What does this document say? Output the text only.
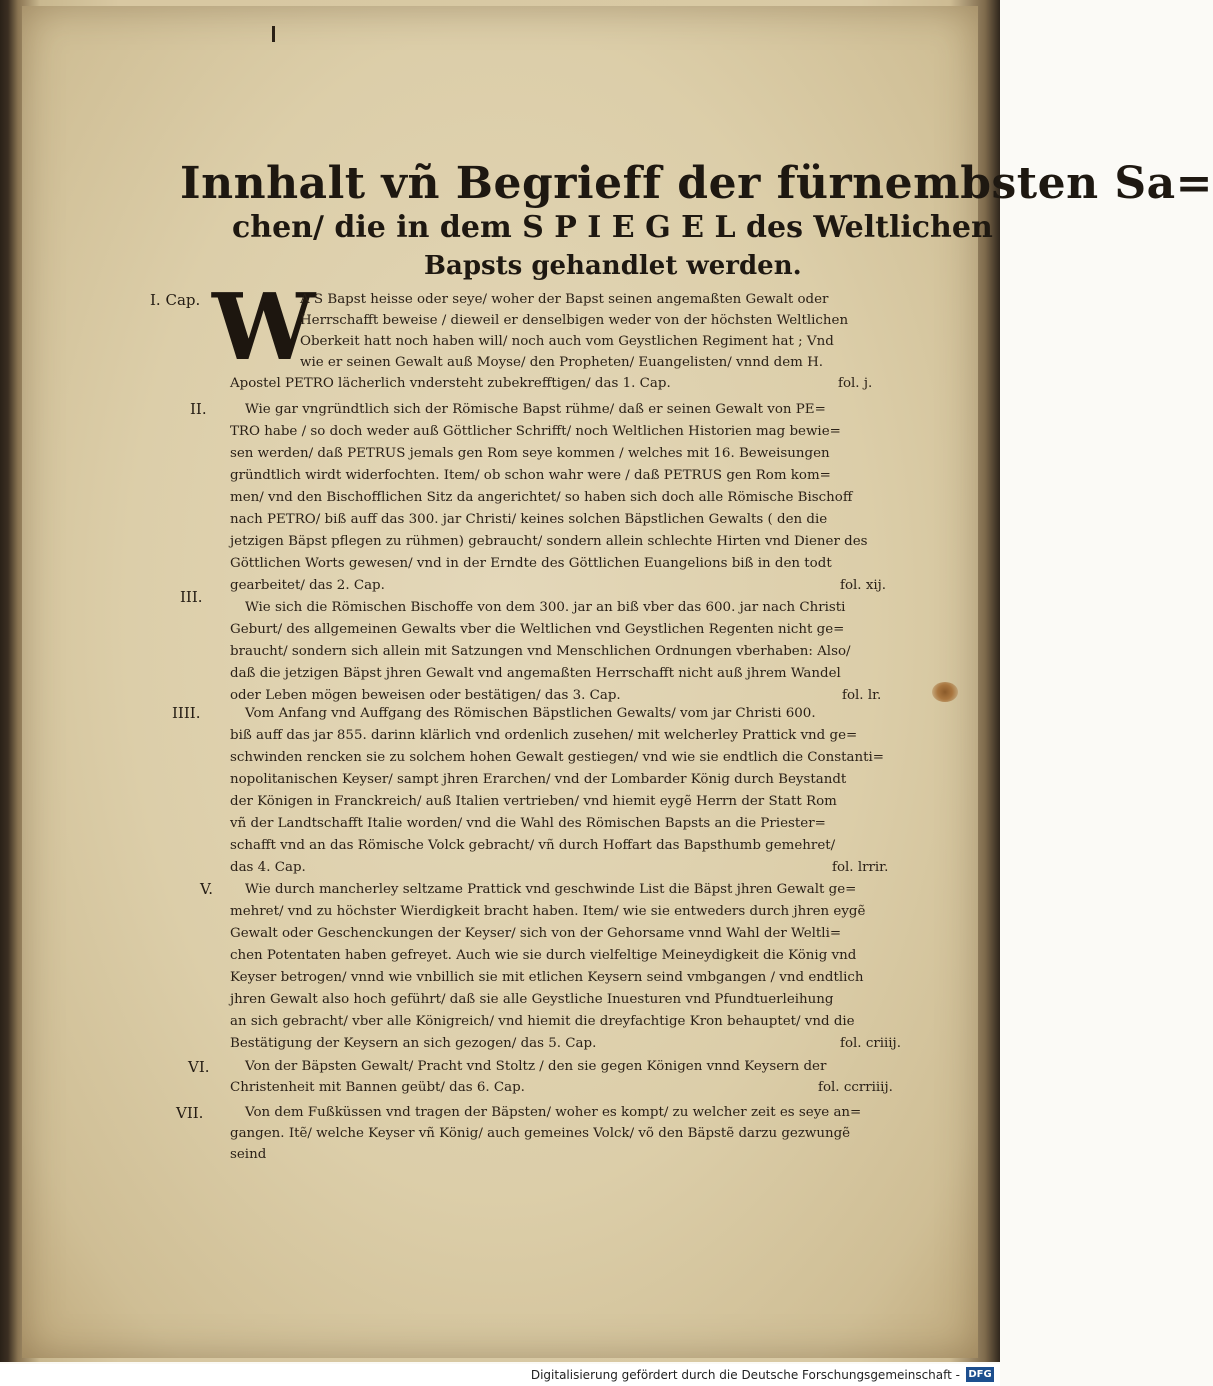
Innhalt vñ Begrieff der fürnembsten Sa=
chen/ die in dem S P I E G E L des Weltlichen
Bapsts gehandlet werden.
W
I. Cap.	A S Bapst heisse oder seye/ woher der Bapst seinen angemaßten Gewalt oder
Herrschafft beweise / dieweil er denselbigen weder von der höchsten Weltlichen
Oberkeit hatt noch haben will/ noch auch vom Geystlichen Regiment hat ; Vnd
wie er seinen Gewalt auß Moyse/ den Propheten/ Euangelisten/ vnnd dem H.
Apostel PETRO lächerlich vndersteht zubekrefftigen/ das 1. Cap.	fol. j.
II.	Wie gar vngründtlich sich der Römische Bapst rühme/ daß er seinen Gewalt von PE=
TRO habe / so doch weder auß Göttlicher Schrifft/ noch Weltlichen Historien mag bewie=
sen werden/ daß PETRUS jemals gen Rom seye kommen / welches mit 16. Beweisungen
gründtlich wirdt widerfochten. Item/ ob schon wahr were / daß PETRUS gen Rom kom=
men/ vnd den Bischofflichen Sitz da angerichtet/ so haben sich doch alle Römische Bischoff
nach PETRO/ biß auff das 300. jar Christi/ keines solchen Bäpstlichen Gewalts ( den die
jetzigen Bäpst pflegen zu rühmen) gebraucht/ sondern allein schlechte Hirten vnd Diener des
Göttlichen Worts gewesen/ vnd in der Erndte des Göttlichen Euangelions biß in den todt
gearbeitet/ das 2. Cap.	fol. xij.
III.
Wie sich die Römischen Bischoffe von dem 300. jar an biß vber das 600. jar nach Christi
Geburt/ des allgemeinen Gewalts vber die Weltlichen vnd Geystlichen Regenten nicht ge=
braucht/ sondern sich allein mit Satzungen vnd Menschlichen Ordnungen vberhaben: Also/
daß die jetzigen Bäpst jhren Gewalt vnd angemaßten Herrschafft nicht auß jhrem Wandel
oder Leben mögen beweisen oder bestätigen/ das 3. Cap.	fol. lr.
IIII.	Vom Anfang vnd Auffgang des Römischen Bäpstlichen Gewalts/ vom jar Christi 600.
biß auff das jar 855. darinn klärlich vnd ordenlich zusehen/ mit welcherley Prattick vnd ge=
schwinden rencken sie zu solchem hohen Gewalt gestiegen/ vnd wie sie endtlich die Constanti=
nopolitanischen Keyser/ sampt jhren Erarchen/ vnd der Lombarder König durch Beystandt
der Königen in Franckreich/ auß Italien vertrieben/ vnd hiemit eygẽ Herrn der Statt Rom
vñ der Landtschafft Italie worden/ vnd die Wahl des Römischen Bapsts an die Priester=
schafft vnd an das Römische Volck gebracht/ vñ durch Hoffart das Bapsthumb gemehret/
das 4. Cap.	fol. lrrir.
V. Wie durch mancherley seltzame Prattick vnd geschwinde List die Bäpst jhren Gewalt ge=
mehret/ vnd zu höchster Wierdigkeit bracht haben. Item/ wie sie entweders durch jhren eygẽ
Gewalt oder Geschenckungen der Keyser/ sich von der Gehorsame vnnd Wahl der Weltli=
chen Potentaten haben gefreyet. Auch wie sie durch vielfeltige Meineydigkeit die König vnd
Keyser betrogen/ vnnd wie vnbillich sie mit etlichen Keysern seind vmbgangen / vnd endtlich
jhren Gewalt also hoch geführt/ daß sie alle Geystliche Inuesturen vnd Pfundtuerleihung
an sich gebracht/ vber alle Königreich/ vnd hiemit die dreyfachtige Kron behauptet/ vnd die
Bestätigung der Keysern an sich gezogen/ das 5. Cap.	fol. criiij.
VI.	Von der Bäpsten Gewalt/ Pracht vnd Stoltz / den sie gegen Königen vnnd Keysern der
Christenheit mit Bannen geübt/ das 6. Cap.	fol. ccrriiij.
VII.	Von dem Fußküssen vnd tragen der Bäpsten/ woher es kompt/ zu welcher zeit es seye an=
gangen. Itẽ/ welche Keyser vñ König/ auch gemeines Volck/ võ den Bäpstẽ darzu gezwungẽ
seind
Digitalisierung gefördert durch die Deutsche Forschungsgemeinschaft - DFG
